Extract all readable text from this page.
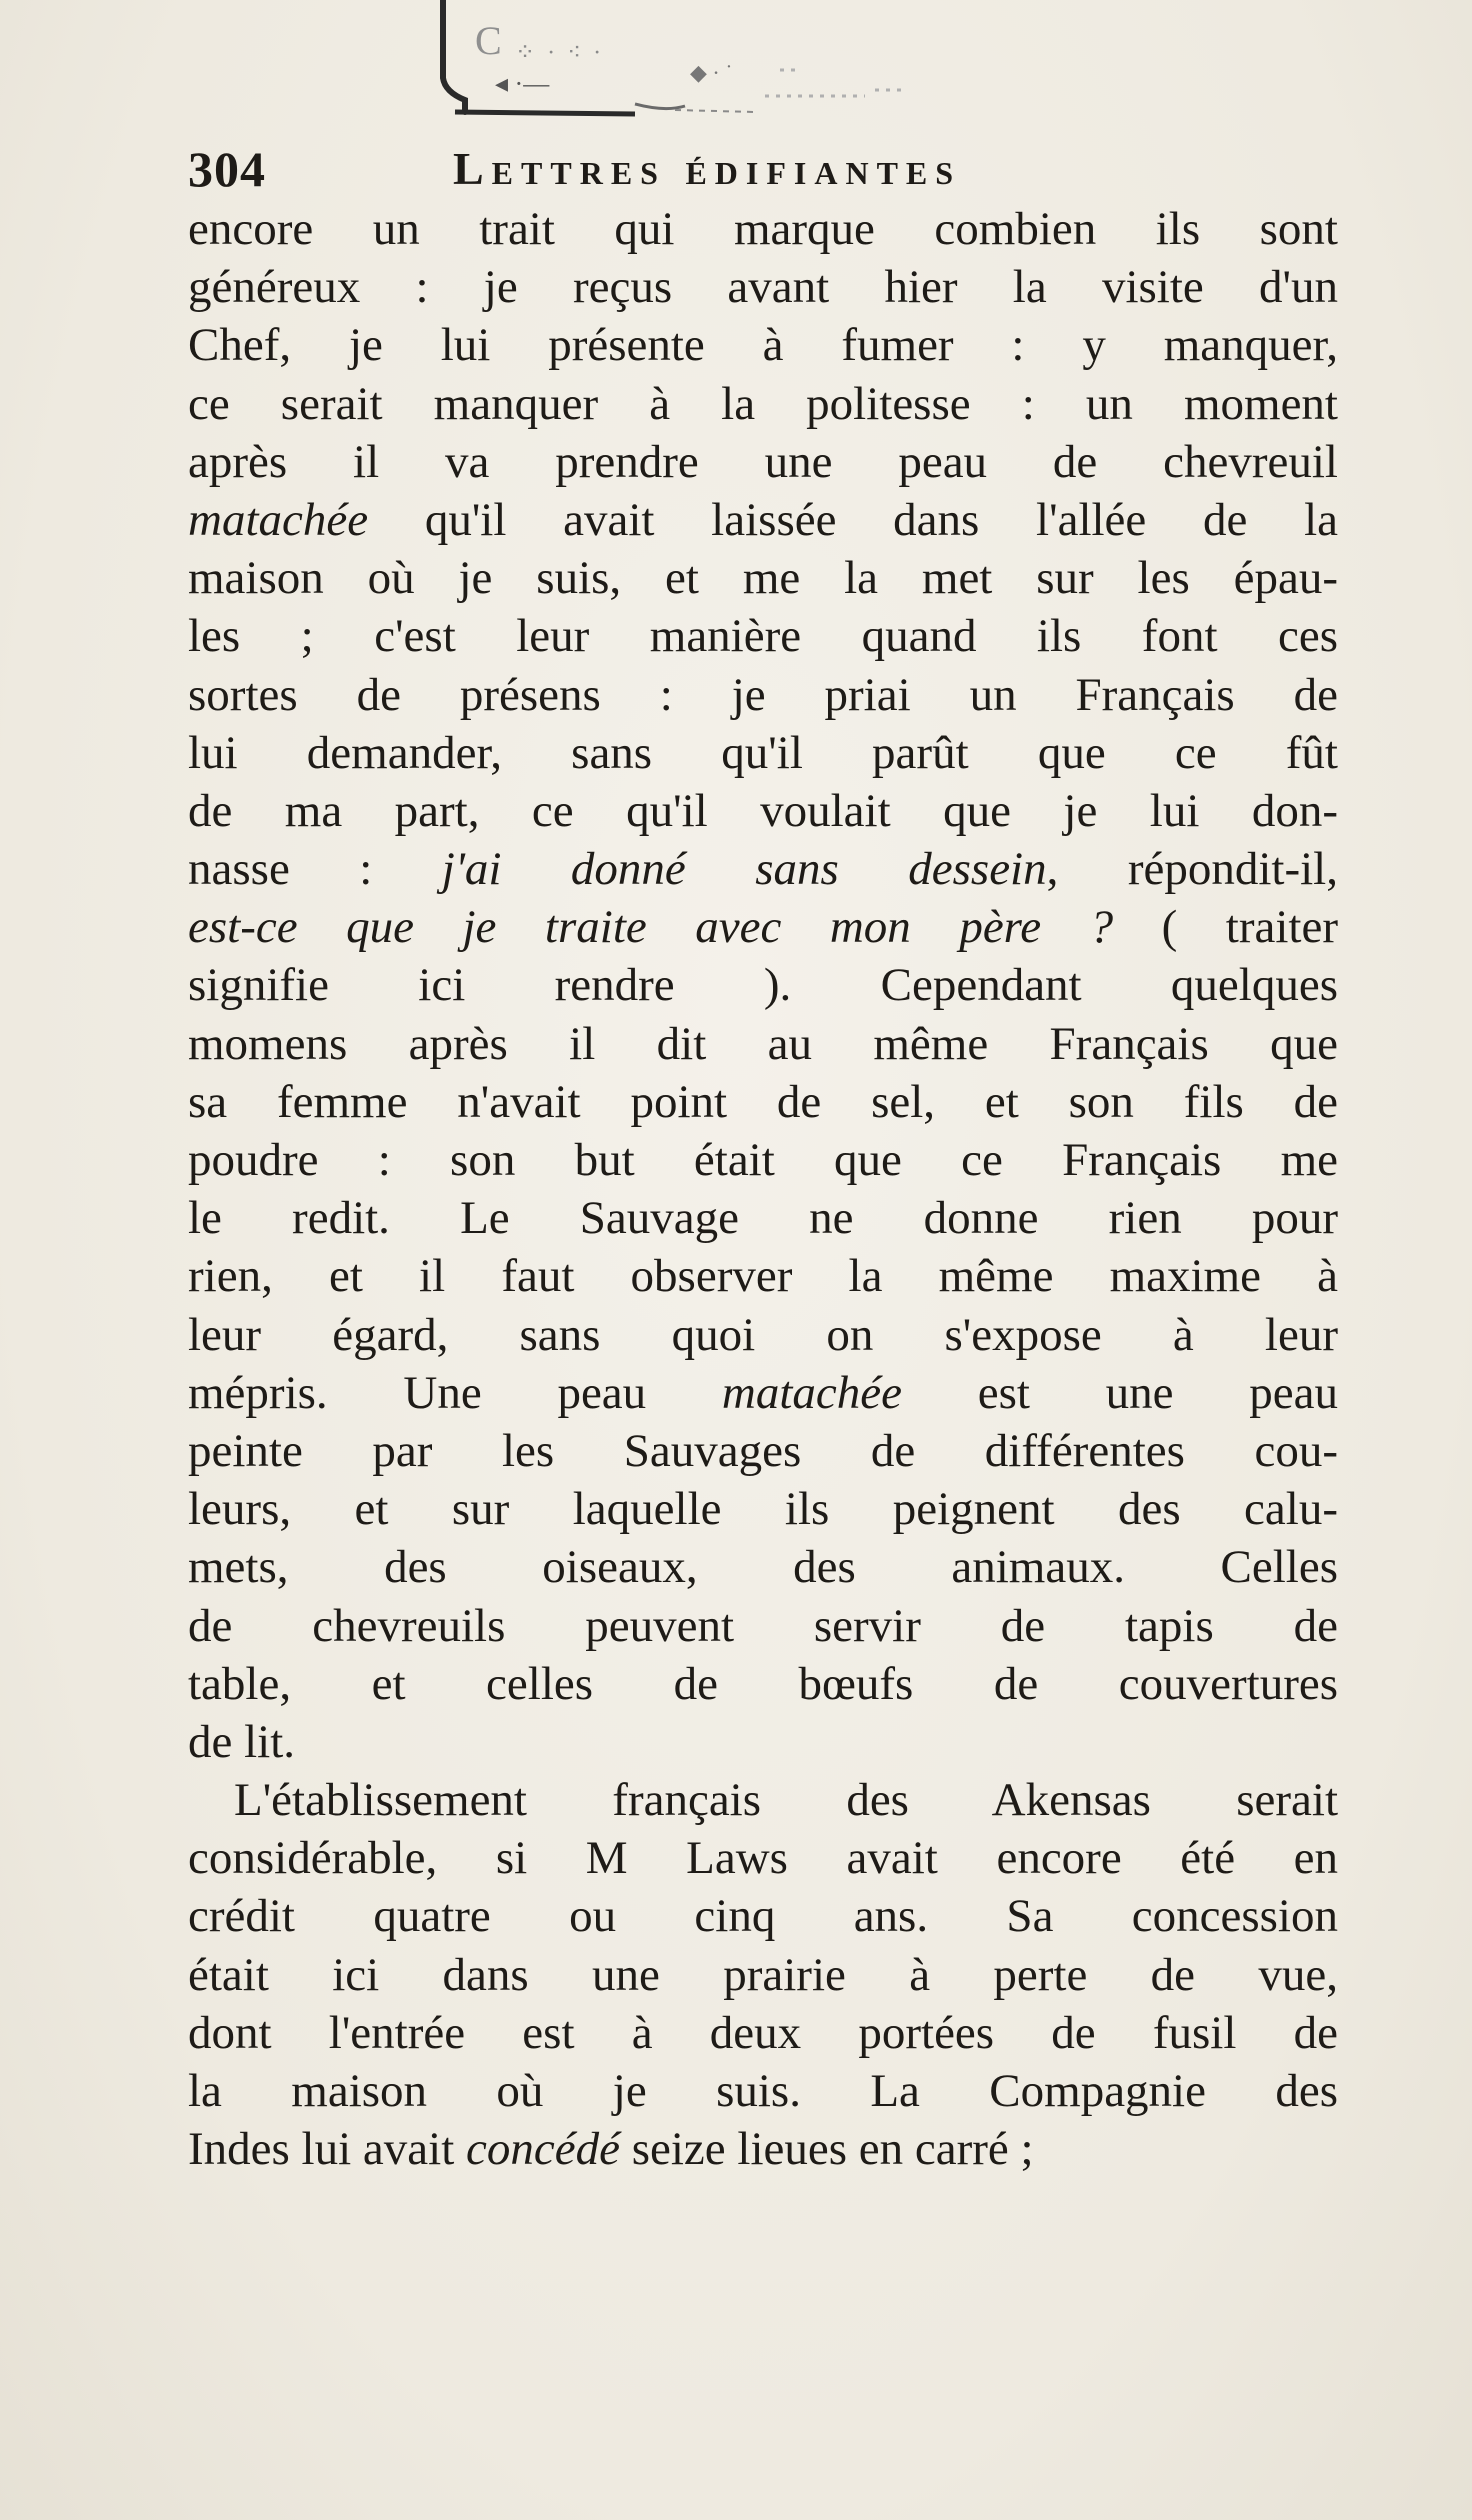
C ⁘ · ⁖ ·
◂ ·—	◆ · ˙
304	Lettres édifiantes
encore un trait qui marque combien ils sont
généreux : je reçus avant hier la visite d'un
Chef, je lui présente à fumer : y manquer,
ce serait manquer à la politesse : un moment
après il va prendre une peau de chevreuil
matachée qu'il avait laissée dans l'allée de la
maison où je suis, et me la met sur les épau-
les ; c'est leur manière quand ils font ces
sortes de présens : je priai un Français de
lui demander, sans qu'il parût que ce fût
de ma part, ce qu'il voulait que je lui don-
nasse : j'ai donné sans dessein, répondit-il,
est-ce que je traite avec mon père ? ( traiter
signifie ici rendre ). Cependant quelques
momens après il dit au même Français que
sa femme n'avait point de sel, et son fils de
poudre : son but était que ce Français me
le redit. Le Sauvage ne donne rien pour
rien, et il faut observer la même maxime à
leur égard, sans quoi on s'expose à leur
mépris. Une peau matachée est une peau
peinte par les Sauvages de différentes cou-
leurs, et sur laquelle ils peignent des calu-
mets, des oiseaux, des animaux. Celles
de chevreuils peuvent servir de tapis de
table, et celles de bœufs de couvertures
de lit.
L'établissement français des Akensas serait
considérable, si M Laws avait encore été en
crédit quatre ou cinq ans. Sa concession
était ici dans une prairie à perte de vue,
dont l'entrée est à deux portées de fusil de
la maison où je suis. La Compagnie des
Indes lui avait concédé seize lieues en carré ;
